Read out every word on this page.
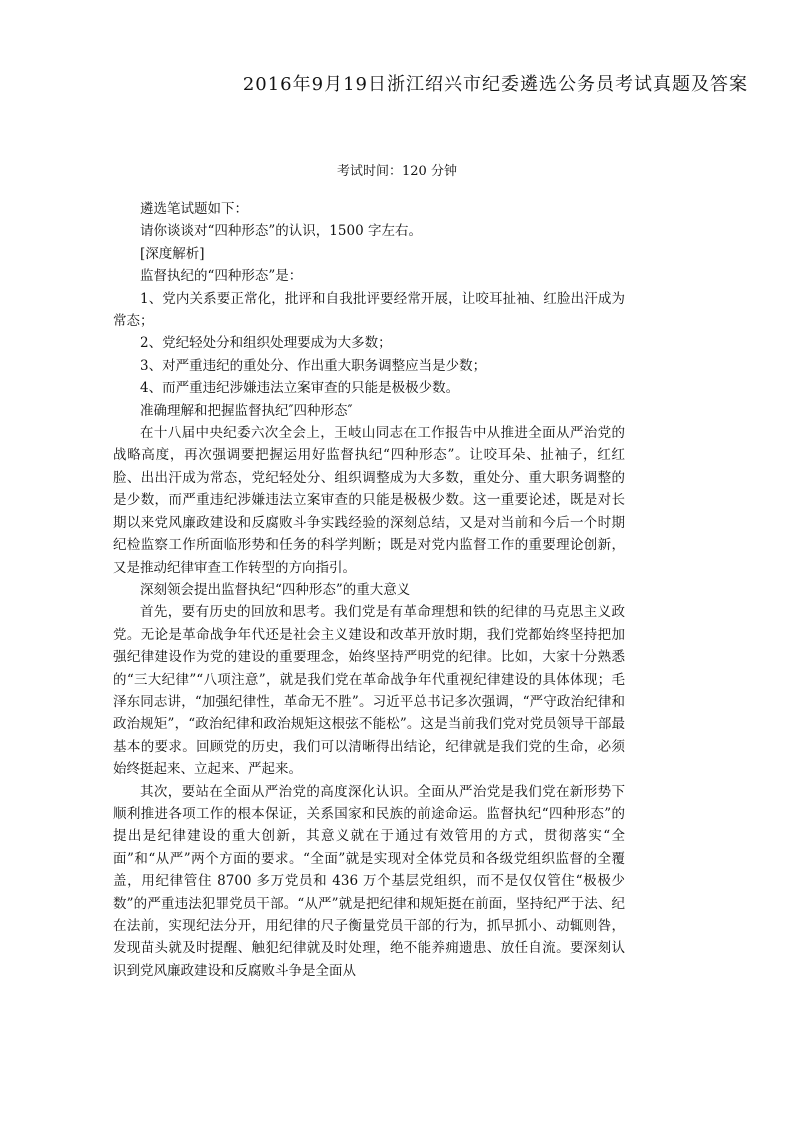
2016年9月19日浙江绍兴市纪委遴选公务员考试真题及答案
考试时间：120 分钟

遴选笔试题如下：

请你谈谈对“四种形态”的认识，1500 字左右。

[深度解析]

监督执纪的“四种形态”是：

1、党内关系要正常化，批评和自我批评要经常开展，让咬耳扯袖、红脸出汗成为常态；

2、党纪轻处分和组织处理要成为大多数；

3、对严重违纪的重处分、作出重大职务调整应当是少数；

4、而严重违纪涉嫌违法立案审查的只能是极极少数。

准确理解和把握监督执纪″四种形态″

在十八届中央纪委六次全会上，王岐山同志在工作报告中从推进全面从严治党的战略高度，再次强调要把握运用好监督执纪“四种形态”。让咬耳朵、扯袖子，红红脸、出出汗成为常态，党纪轻处分、组织调整成为大多数，重处分、重大职务调整的是少数，而严重违纪涉嫌违法立案审查的只能是极极少数。这一重要论述，既是对长期以来党风廉政建设和反腐败斗争实践经验的深刻总结，又是对当前和今后一个时期纪检监察工作所面临形势和任务的科学判断；既是对党内监督工作的重要理论创新，又是推动纪律审查工作转型的方向指引。

深刻领会提出监督执纪“四种形态”的重大意义

首先，要有历史的回放和思考。我们党是有革命理想和铁的纪律的马克思主义政党。无论是革命战争年代还是社会主义建设和改革开放时期，我们党都始终坚持把加强纪律建设作为党的建设的重要理念，始终坚持严明党的纪律。比如，大家十分熟悉的“三大纪律”“八项注意”，就是我们党在革命战争年代重视纪律建设的具体体现；毛泽东同志讲，“加强纪律性，革命无不胜”。习近平总书记多次强调，“严守政治纪律和政治规矩”，“政治纪律和政治规矩这根弦不能松”。这是当前我们党对党员领导干部最基本的要求。回顾党的历史，我们可以清晰得出结论，纪律就是我们党的生命，必须始终挺起来、立起来、严起来。

其次，要站在全面从严治党的高度深化认识。全面从严治党是我们党在新形势下顺利推进各项工作的根本保证，关系国家和民族的前途命运。监督执纪“四种形态”的提出是纪律建设的重大创新，其意义就在于通过有效管用的方式，贯彻落实“全面”和“从严”两个方面的要求。“全面”就是实现对全体党员和各级党组织监督的全覆盖，用纪律管住 8700 多万党员和 436 万个基层党组织，而不是仅仅管住“极极少数”的严重违法犯罪党员干部。“从严”就是把纪律和规矩挺在前面，坚持纪严于法、纪在法前，实现纪法分开，用纪律的尺子衡量党员干部的行为，抓早抓小、动辄则咎，发现苗头就及时提醒、触犯纪律就及时处理，绝不能养痈遗患、放任自流。要深刻认识到党风廉政建设和反腐败斗争是全面从
